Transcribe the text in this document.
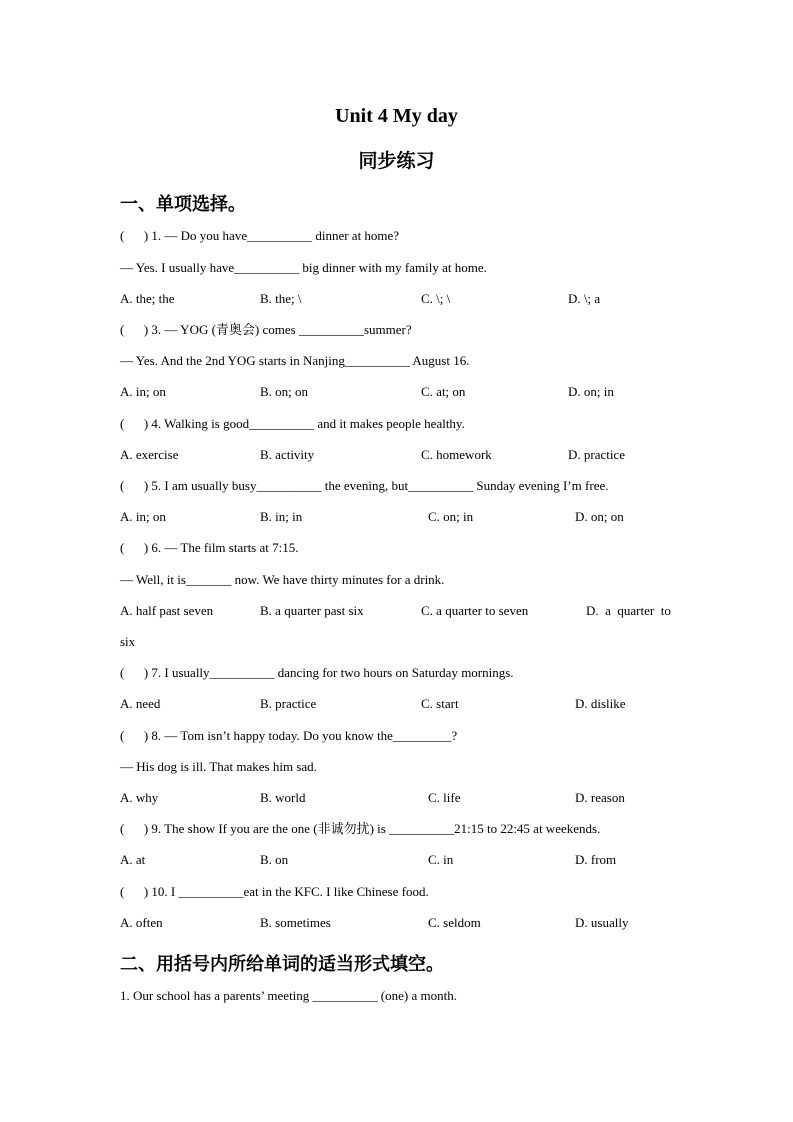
Unit 4 My day
同步练习
一、单项选择。
(      ) 1. — Do you have__________ dinner at home?
— Yes. I usually have__________ big dinner with my family at home.
A. the; the	B. the; \	C. \; \	D. \; a
(      ) 3. — YOG (青奥会) comes __________summer?
— Yes. And the 2nd YOG starts in Nanjing__________ August 16.
A. in; on	B. on; on	C. at; on	D. on; in
(      ) 4. Walking is good__________ and it makes people healthy.
A. exercise	B. activity	C. homework	D. practice
(      ) 5. I am usually busy__________ the evening, but__________ Sunday evening I’m free.
A. in; on	B. in; in	C. on; in	D. on; on
(      ) 6. — The film starts at 7:15.
— Well, it is_______ now. We have thirty minutes for a drink.
A. half past seven	B. a quarter past six	C. a quarter to seven	D.  a  quarter  to
six
(      ) 7. I usually__________ dancing for two hours on Saturday mornings.
A. need	B. practice	C. start	D. dislike
(      ) 8. — Tom isn’t happy today. Do you know the_________?
— His dog is ill. That makes him sad.
A. why	B. world	C. life	D. reason
(      ) 9. The show If you are the one (非诚勿扰) is __________21:15 to 22:45 at weekends.
A. at	B. on	C. in	D. from
(      ) 10. I __________eat in the KFC. I like Chinese food.
A. often	B. sometimes	C. seldom	D. usually
二、用括号内所给单词的适当形式填空。
1. Our school has a parents’ meeting __________ (one) a month.
